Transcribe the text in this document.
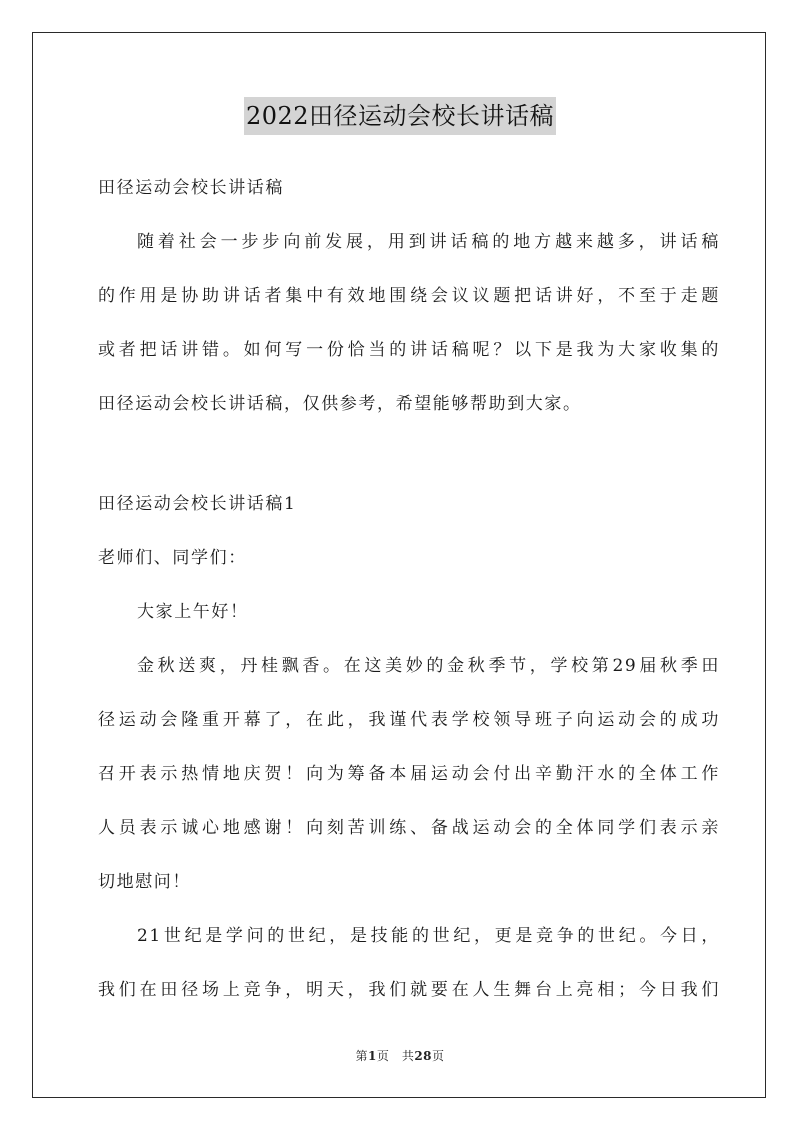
2022田径运动会校长讲话稿
田径运动会校长讲话稿
随着社会一步步向前发展，用到讲话稿的地方越来越多，讲话稿
的作用是协助讲话者集中有效地围绕会议议题把话讲好，不至于走题
或者把话讲错。如何写一份恰当的讲话稿呢？以下是我为大家收集的
田径运动会校长讲话稿，仅供参考，希望能够帮助到大家。
田径运动会校长讲话稿1
老师们、同学们：
大家上午好！
金秋送爽，丹桂飘香。在这美妙的金秋季节，学校第29届秋季田
径运动会隆重开幕了，在此，我谨代表学校领导班子向运动会的成功
召开表示热情地庆贺！向为筹备本届运动会付出辛勤汗水的全体工作
人员表示诚心地感谢！向刻苦训练、备战运动会的全体同学们表示亲
切地慰问！
21世纪是学问的世纪，是技能的世纪，更是竞争的世纪。今日，
我们在田径场上竞争，明天，我们就要在人生舞台上亮相；今日我们
第1页　共28页
